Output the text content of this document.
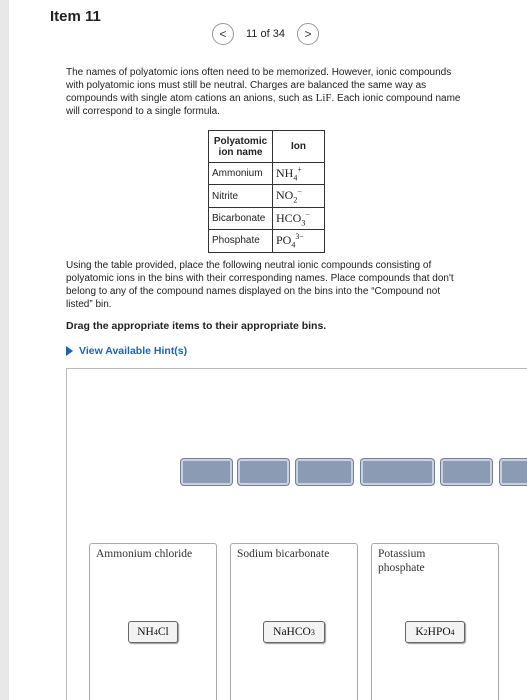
Item 11
<	11 of 34	>

The names of polyatomic ions often need to be memorized. However, ionic compounds with polyatomic ions must still be neutral. Charges are balanced the same way as compounds with single atom cations an anions, such as LiF. Each ionic compound name will correspond to a single formula.

Polyatomic ion name	Ion
Ammonium	$NH_4^+$
Nitrite	$NO_2^-$
Bicarbonate	$HCO_3^-$
Phosphate	$PO_4^{3-}$

Using the table provided, place the following neutral ionic compounds consisting of polyatomic ions in the bins with their corresponding names. Place compounds that don't belong to any of the compound names displayed on the bins into the “Compound not listed” bin.

Drag the appropriate items to their appropriate bins.
View Available Hint(s)
Ammonium chloride	Sodium bicarbonate	Potassium phosphate
NH 4 Cl	NaHCO 3	K 2 HPO 4
